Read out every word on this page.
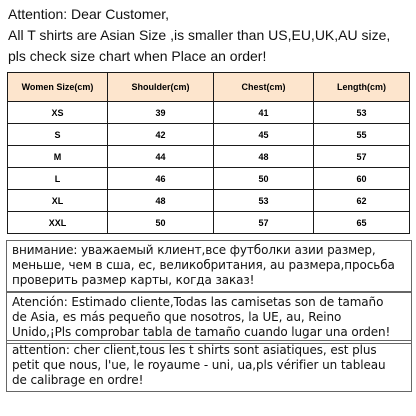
Attention: Dear Customer,
All T shirts are Asian Size ,is smaller than US,EU,UK,AU size,
pls check size chart when Place an order!
Women Size(cm)	Shoulder(cm)	Chest(cm)	Length(cm)
XS	39	41	53
S	42	45	55
M	44	48	57
L	46	50	60
XL	48	53	62
XXL	50	57	65
внимание: уважаемый клиент,все футболки азии размер,
меньше, чем в сша, ес, великобритания, au размера,просьба
проверить размер карты, когда заказ!
Atención: Estimado cliente,Todas las camisetas son de tamaño
de Asia, es más pequeño que nosotros, la UE, au, Reino
Unido,¡Pls comprobar tabla de tamaño cuando lugar una orden!
attention: cher client,tous les t shirts sont asiatiques, est plus
petit que nous, l'ue, le royaume - uni, ua,pls vérifier un tableau
de calibrage en ordre!
